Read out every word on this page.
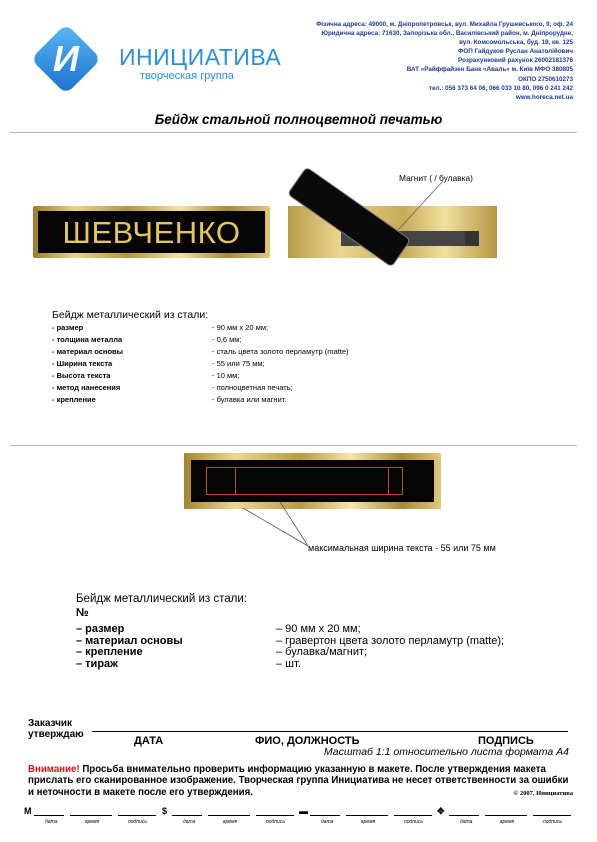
И ИНИЦИАТИВА
творческая группа
Фізична адреса: 49000, м. Дніпропетровськ, вул. Михайла Грушевського, 9, оф. 24
Юридична адреса: 71630, Запорізька обл., Василівський район, м. Дніпрорудне,
вул. Комсомольська, буд. 19, кв. 125
ФОП Гайдуков Руслан Анатолійович
Розрахунковий рахунок 26002181376
ВАТ «Райффайзен Банк «Аваль» м. Київ МФО 380805
ОКПО 2750610273
тел.: 056 373 64 06, 066 033 10 80, 096 0 241 242
www.horeca.net.ua
Бейдж стальной полноцветной печатью
ШЕВЧЕНКО
Магнит ( / булавка)
Бейдж металлический из стали:
- размер	- 90 мм х 20 мм;
- толщина металла	- 0,6 мм;
- материал основы	- сталь цвета золото перламутр (matte)
- Ширина текста	- 55 или 75 мм;
- Высота текста	- 10 мм;
- метод нанесения	- полноцветная печать;
- крепление	- булавка или магнит.
максимальная ширина текста - 55 или 75 мм
Бейдж металлический из стали:
№
– размер	– 90 мм х 20 мм;
– материал основы	– гравертон цвета золото перламутр (matte);
– крепление	– булавка/магнит;
– тираж	– шт.
Заказчик
утверждаю
ДАТА	ФИО, ДОЛЖНОСТЬ	ПОДПИСЬ
Масштаб 1:1 относительно листа формата А4
Внимание! Просьба внимательно проверить информацию указанную в макете. После утверждения макета прислать его сканированное изображение. Творческая группа Инициатива не несет ответственности за ошибки и неточности в макете после его утверждения.	© 2007, Инициатива
M
дата	время	подпись
$
дата	время	подпись
▬
дата	время	подпись
✥
дата	время	подпись
